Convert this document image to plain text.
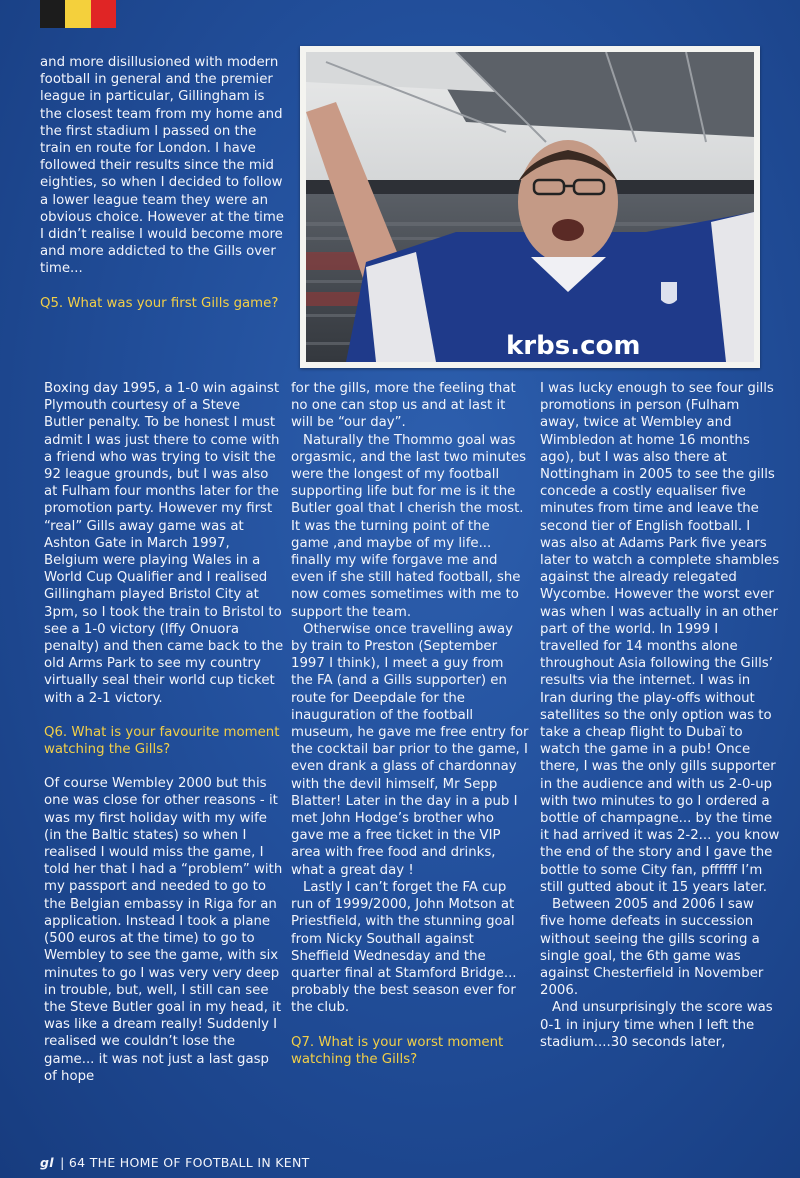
and more disillusioned with modern football in general and the premier league in particular, Gillingham is the closest team from my home and the first stadium I passed on the train en route for London. I have followed their results since the mid eighties, so when I decided to follow a lower league team they were an obvious choice. However at the time I didn’t realise I would become more and more addicted to the Gills over time...

Q5. What was your first Gills game?

krbs.com

Boxing day 1995, a 1-0 win against Plymouth courtesy of a Steve Butler penalty. To be honest I must admit I was just there to come with a friend who was trying to visit the 92 league grounds, but I was also at Fulham four months later for the promotion party. However my first “real” Gills away game was at Ashton Gate in March 1997, Belgium were playing Wales in a World Cup Qualifier and I realised Gillingham played Bristol City at 3pm, so I took the train to Bristol to see a 1-0 victory (Iffy Onuora penalty) and then came back to the old Arms Park to see my country virtually seal their world cup ticket with a 2-1 victory.

Q6. What is your favourite moment watching the Gills?

Of course Wembley 2000 but this one was close for other reasons - it was my first holiday with my wife (in the Baltic states) so when I realised I would miss the game, I told her that I had a “problem” with my passport and needed to go to the Belgian embassy in Riga for an application. Instead I took a plane (500 euros at the time) to go to Wembley to see the game, with six minutes to go I was very very deep in trouble, but, well, I still can see the Steve Butler goal in my head, it was like a dream really! Suddenly I realised we couldn’t lose the game... it was not just a last gasp of hope

for the gills, more the feeling that no one can stop us and at last it will be “our day”.

Naturally the Thommo goal was orgasmic, and the last two minutes were the longest of my football supporting life but for me is it the Butler goal that I cherish the most. It was the turning point of the game ,and maybe of my life... finally my wife forgave me and even if she still hated football, she now comes sometimes with me to support the team.

Otherwise once travelling away by train to Preston (September 1997 I think), I meet a guy from the FA (and a Gills supporter) en route for Deepdale for the inauguration of the football museum, he gave me free entry for the cocktail bar prior to the game, I even drank a glass of chardonnay with the devil himself, Mr Sepp Blatter! Later in the day in a pub I met John Hodge’s brother who gave me a free ticket in the VIP area with free food and drinks, what a great day !

Lastly I can’t forget the FA cup run of 1999/2000, John Motson at Priestfield, with the stunning goal from Nicky Southall against Sheffield Wednesday and the quarter final at Stamford Bridge... probably the best season ever for the club.

Q7. What is your worst moment watching the Gills?

I was lucky enough to see four gills promotions in person (Fulham away, twice at Wembley and Wimbledon at home 16 months ago), but I was also there at Nottingham in 2005 to see the gills concede a costly equaliser five minutes from time and leave the second tier of English football. I was also at Adams Park five years later to watch a complete shambles against the already relegated Wycombe. However the worst ever was when I was actually in an other part of the world. In 1999 I travelled for 14 months alone throughout Asia following the Gills’ results via the internet. I was in Iran during the play-offs without satellites so the only option was to take a cheap flight to Dubaï to watch the game in a pub! Once there, I was the only gills supporter in the audience and with us 2-0-up with two minutes to go I ordered a bottle of champagne... by the time it had arrived it was 2-2... you know the end of the story and I gave the bottle to some City fan, pffffff I’m still gutted about it 15 years later.

Between 2005 and 2006 I saw five home defeats in succession without seeing the gills scoring a single goal, the 6th game was against Chesterfield in November 2006.

And unsurprisingly the score was 0-1 in injury time when I left the stadium....30 seconds later,

gl | 64 THE HOME OF FOOTBALL IN KENT
